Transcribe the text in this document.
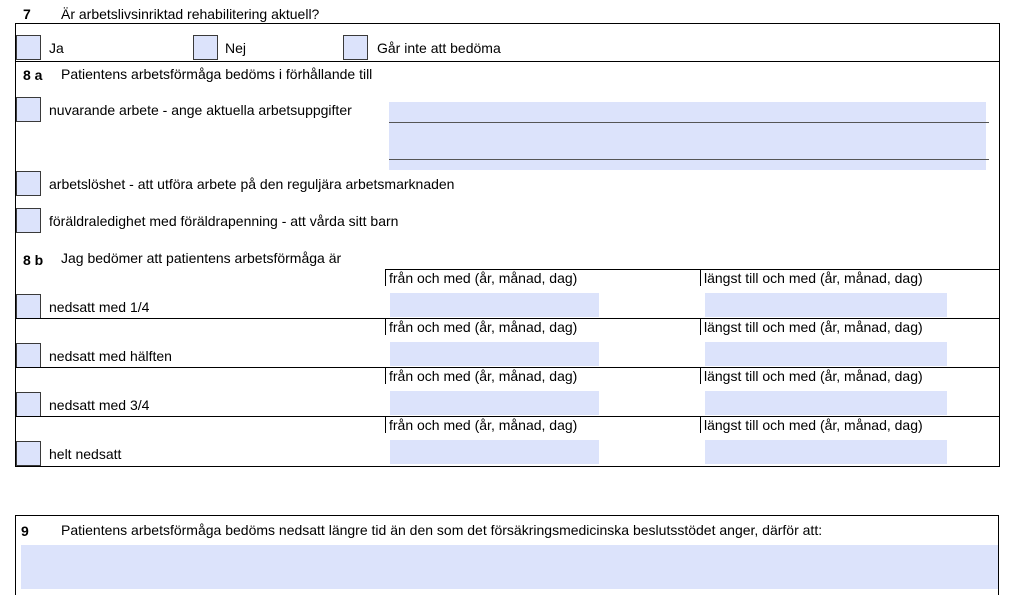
7 Är arbetslivsinriktad rehabilitering aktuell?
Ja	Nej	Går inte att bedöma
8 a Patientens arbetsförmåga bedöms i förhållande till
nuvarande arbete - ange aktuella arbetsuppgifter
arbetslöshet - att utföra arbete på den reguljära arbetsmarknaden
föräldraledighet med föräldrapenning - att vårda sitt barn
8 b Jag bedömer att patientens arbetsförmåga är
från och med (år, månad, dag)	längst till och med (år, månad, dag)
nedsatt med 1/4
från och med (år, månad, dag)	längst till och med (år, månad, dag)
nedsatt med hälften
från och med (år, månad, dag)	längst till och med (år, månad, dag)
nedsatt med 3/4
från och med (år, månad, dag)	längst till och med (år, månad, dag)
helt nedsatt
9 Patientens arbetsförmåga bedöms nedsatt längre tid än den som det försäkringsmedicinska beslutsstödet anger, därför att:
